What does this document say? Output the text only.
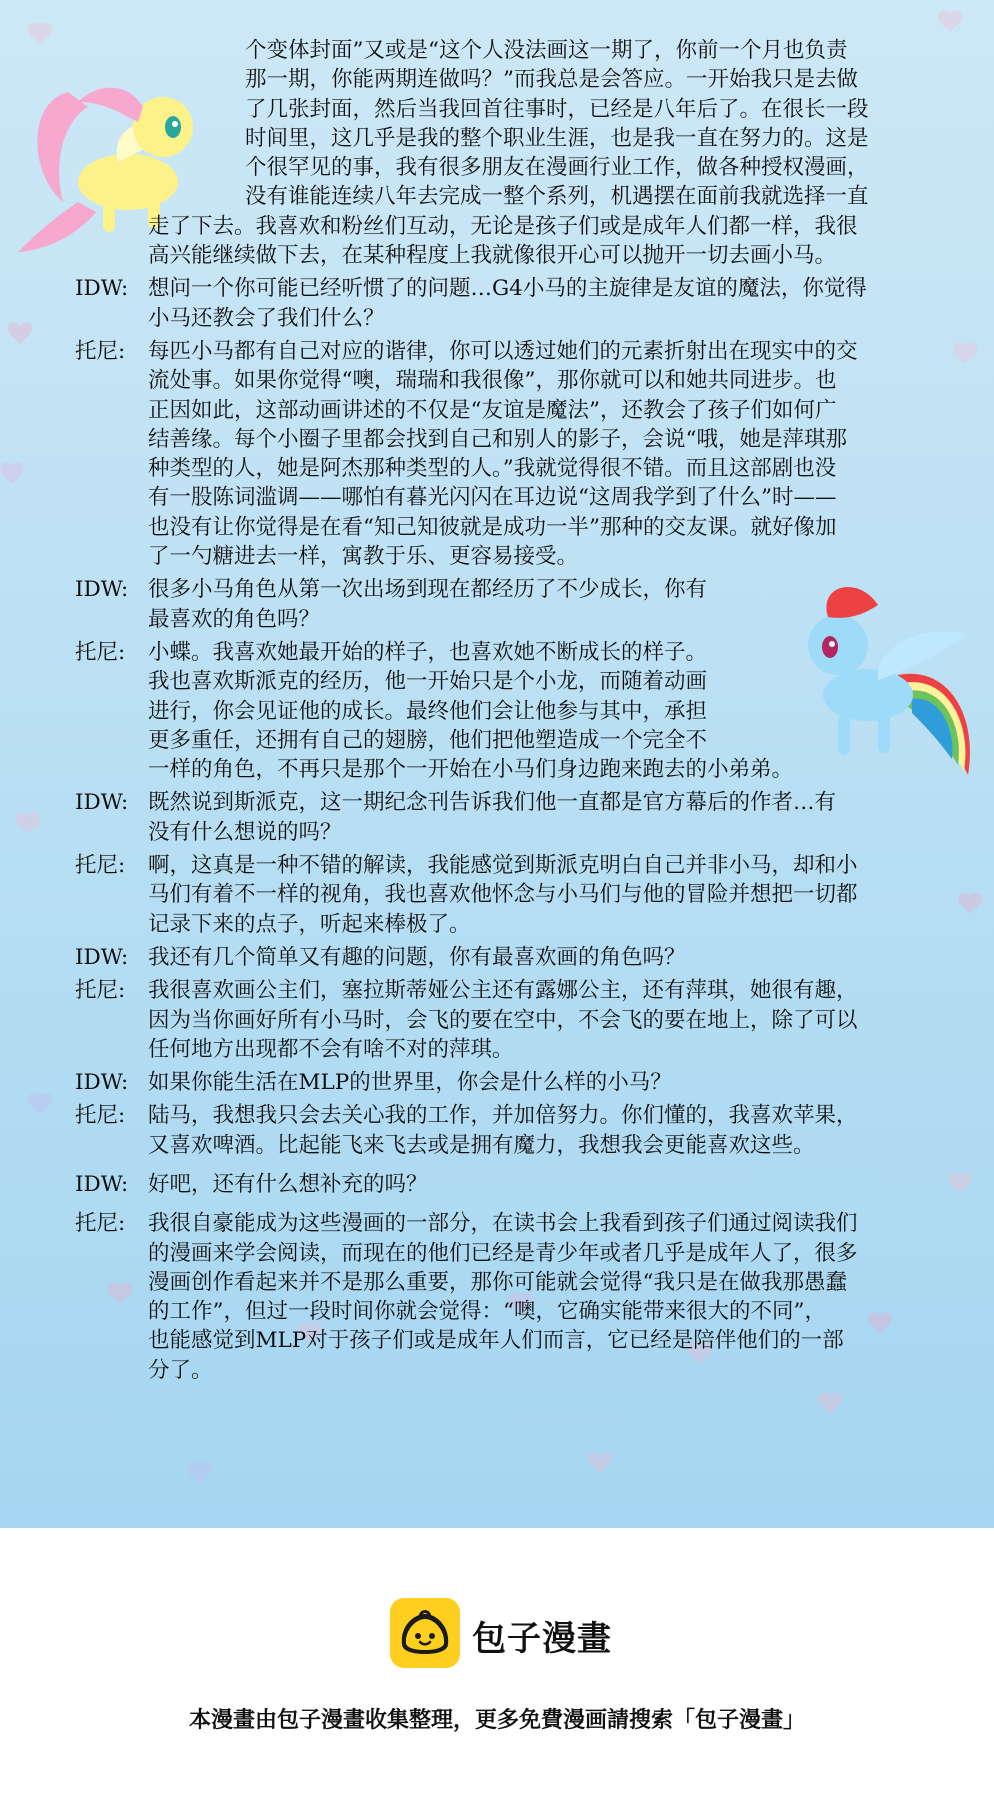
个变体封面”又或是“这个人没法画这一期了，你前一个月也负责
那一期，你能两期连做吗？”而我总是会答应。一开始我只是去做
了几张封面，然后当我回首往事时，已经是八年后了。在很长一段
时间里，这几乎是我的整个职业生涯，也是我一直在努力的。这是
个很罕见的事，我有很多朋友在漫画行业工作，做各种授权漫画，
没有谁能连续八年去完成一整个系列，机遇摆在面前我就选择一直
走了下去。我喜欢和粉丝们互动，无论是孩子们或是成年人们都一样，我很
高兴能继续做下去，在某种程度上我就像很开心可以抛开一切去画小马。
IDW: 想问一个你可能已经听惯了的问题…G4小马的主旋律是友谊的魔法，你觉得
小马还教会了我们什么？
托尼:	每匹小马都有自己对应的谐律，你可以透过她们的元素折射出在现实中的交
流处事。如果你觉得“噢，瑞瑞和我很像”，那你就可以和她共同进步。也
正因如此，这部动画讲述的不仅是“友谊是魔法”，还教会了孩子们如何广
结善缘。每个小圈子里都会找到自己和别人的影子，会说“哦，她是萍琪那
种类型的人，她是阿杰那种类型的人。”我就觉得很不错。而且这部剧也没
有一股陈词滥调——哪怕有暮光闪闪在耳边说“这周我学到了什么”时——
也没有让你觉得是在看“知己知彼就是成功一半”那种的交友课。就好像加
了一勺糖进去一样，寓教于乐、更容易接受。
IDW: 很多小马角色从第一次出场到现在都经历了不少成长，你有
最喜欢的角色吗？
托尼:	小蝶。我喜欢她最开始的样子，也喜欢她不断成长的样子。
我也喜欢斯派克的经历，他一开始只是个小龙，而随着动画
进行，你会见证他的成长。最终他们会让他参与其中，承担
更多重任，还拥有自己的翅膀，他们把他塑造成一个完全不
一样的角色，不再只是那个一开始在小马们身边跑来跑去的小弟弟。
IDW: 既然说到斯派克，这一期纪念刊告诉我们他一直都是官方幕后的作者…有
没有什么想说的吗？
托尼:	啊，这真是一种不错的解读，我能感觉到斯派克明白自己并非小马，却和小
马们有着不一样的视角，我也喜欢他怀念与小马们与他的冒险并想把一切都
记录下来的点子，听起来棒极了。
IDW: 我还有几个简单又有趣的问题，你有最喜欢画的角色吗？
托尼:	我很喜欢画公主们，塞拉斯蒂娅公主还有露娜公主，还有萍琪，她很有趣，
因为当你画好所有小马时，会飞的要在空中，不会飞的要在地上，除了可以
任何地方出现都不会有啥不对的萍琪。
IDW: 如果你能生活在MLP的世界里，你会是什么样的小马？
托尼:	陆马，我想我只会去关心我的工作，并加倍努力。你们懂的，我喜欢苹果，
又喜欢啤酒。比起能飞来飞去或是拥有魔力，我想我会更能喜欢这些。
IDW: 好吧，还有什么想补充的吗？
托尼:	我很自豪能成为这些漫画的一部分，在读书会上我看到孩子们通过阅读我们
的漫画来学会阅读，而现在的他们已经是青少年或者几乎是成年人了，很多
漫画创作看起来并不是那么重要，那你可能就会觉得“我只是在做我那愚蠢
的工作”，但过一段时间你就会觉得：“噢，它确实能带来很大的不同”，
也能感觉到MLP对于孩子们或是成年人们而言，它已经是陪伴他们的一部
分了。
包子漫畫
本漫畫由包子漫畫收集整理，更多免費漫画請搜索「包子漫畫」
